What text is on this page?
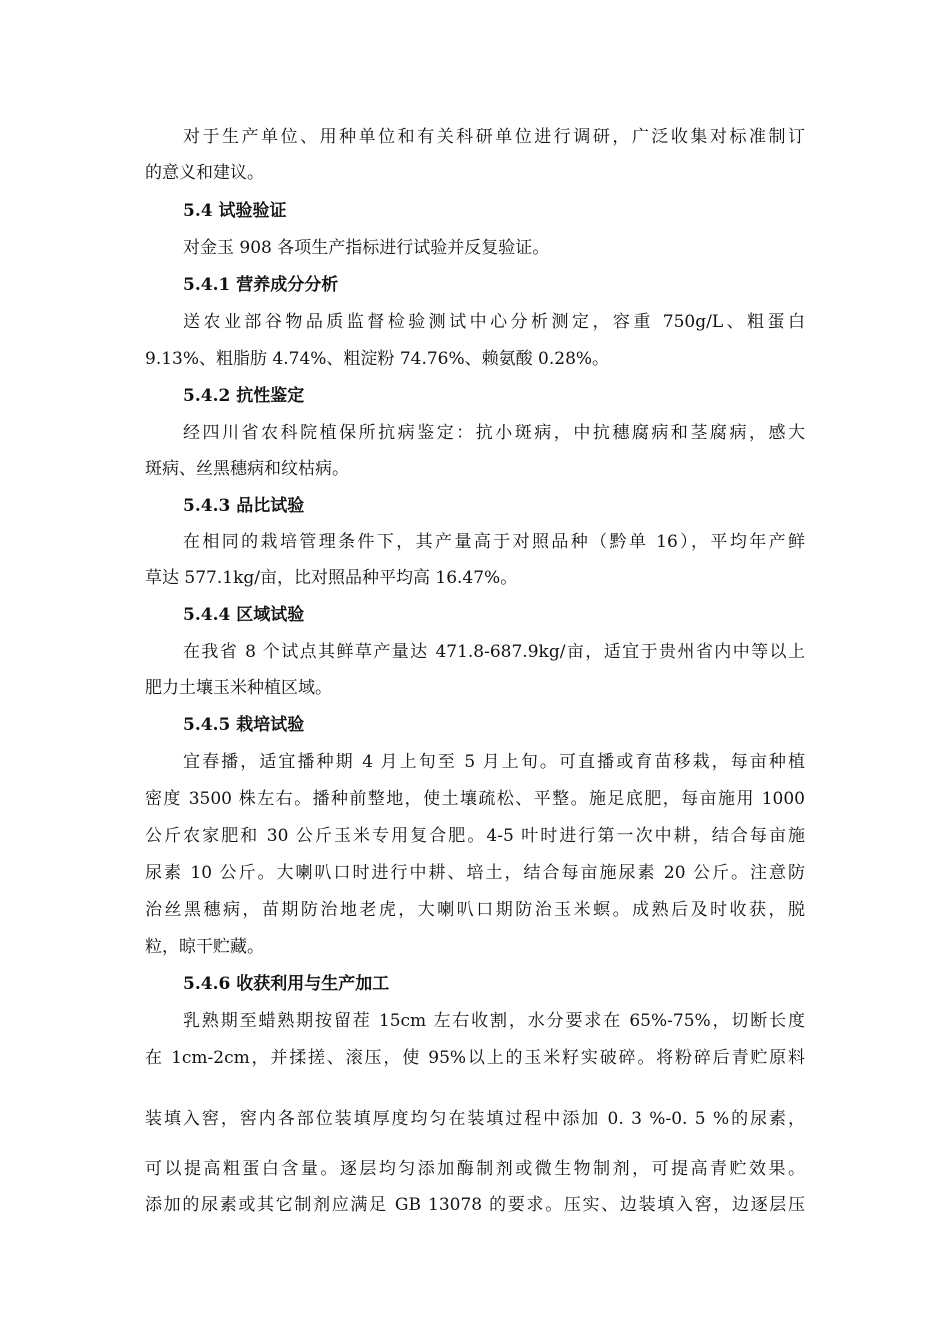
对于生产单位、用种单位和有关科研单位进行调研，广泛收集对标准制订
的意义和建议。
5.4 试验验证
对金玉 908 各项生产指标进行试验并反复验证。
5.4.1 营养成分分析
送农业部谷物品质监督检验测试中心分析测定，容重 750g/L、粗蛋白
9.13%、粗脂肪 4.74%、粗淀粉 74.76%、赖氨酸 0.28%。
5.4.2 抗性鉴定
经四川省农科院植保所抗病鉴定：抗小斑病，中抗穗腐病和茎腐病，感大
斑病、丝黑穗病和纹枯病。
5.4.3 品比试验
在相同的栽培管理条件下，其产量高于对照品种（黔单 16），平均年产鲜
草达 577.1kg/亩，比对照品种平均高 16.47%。
5.4.4 区域试验
在我省 8 个试点其鲜草产量达 471.8-687.9kg/亩，适宜于贵州省内中等以上
肥力土壤玉米种植区域。
5.4.5 栽培试验
宜春播，适宜播种期 4 月上旬至 5 月上旬。可直播或育苗移栽，每亩种植
密度 3500 株左右。播种前整地，使土壤疏松、平整。施足底肥，每亩施用 1000
公斤农家肥和 30 公斤玉米专用复合肥。4-5 叶时进行第一次中耕，结合每亩施
尿素 10 公斤。大喇叭口时进行中耕、培土，结合每亩施尿素 20 公斤。注意防
治丝黑穗病，苗期防治地老虎，大喇叭口期防治玉米螟。成熟后及时收获，脱
粒，晾干贮藏。
5.4.6 收获利用与生产加工
乳熟期至蜡熟期按留茬 15cm 左右收割，水分要求在 65%-75%，切断长度
在 1cm-2cm，并揉搓、滚压，使 95%以上的玉米籽实破碎。将粉碎后青贮原料
装填入窖，窖内各部位装填厚度均匀在装填过程中添加 0. 3 %-0. 5 %的尿素，
可以提高粗蛋白含量。逐层均匀添加酶制剂或微生物制剂，可提高青贮效果。
添加的尿素或其它制剂应满足 GB 13078 的要求。压实、边装填入窖，边逐层压
